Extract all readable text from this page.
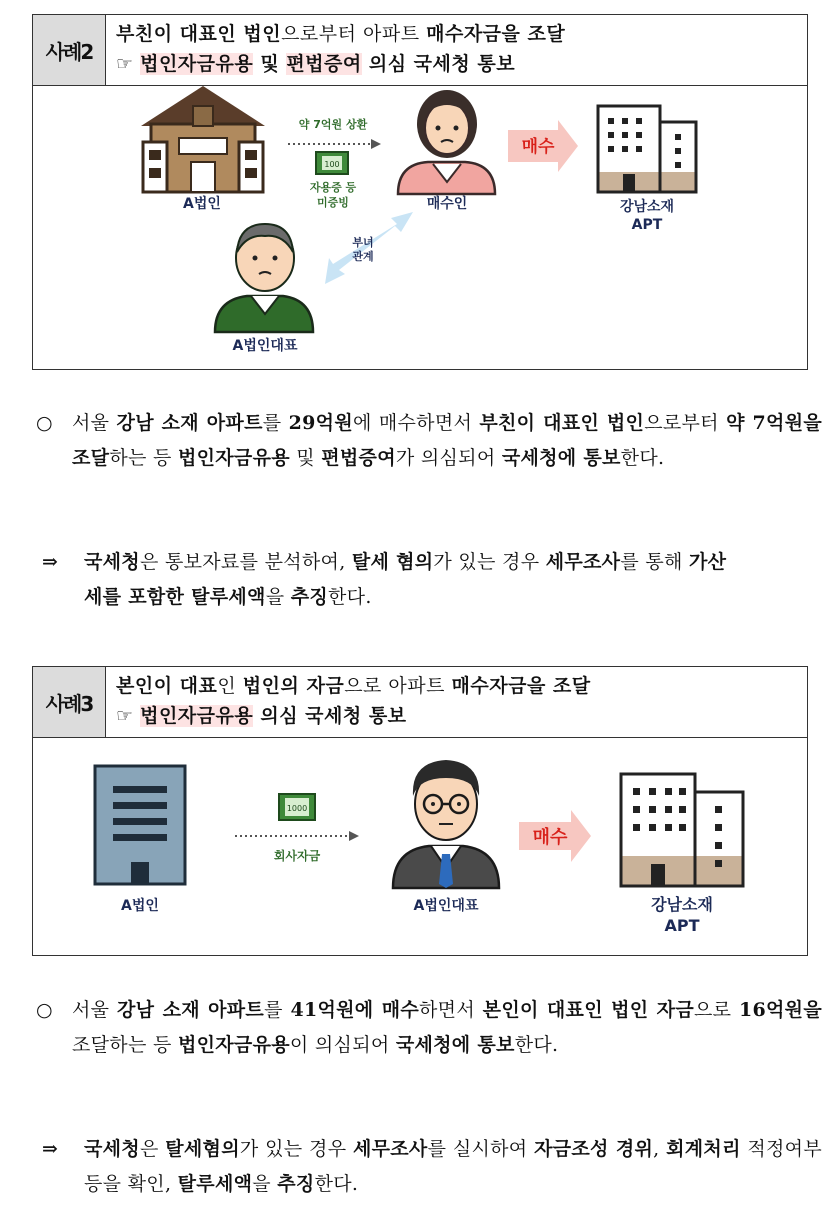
사례2
부친이 대표인 법인으로부터 아파트 매수자금을 조달
☞ 법인자금유용 및 편법증여 의심 국세청 통보
A법인
약 7억원 상환
100
자용증 등
미증빙	매수인
매수
강남소재
APT
부녀
관계
A법인대표
○	서울 강남 소재 아파트를 29억원에 매수하면서 부친이 대표인 법인으로부터 약 7억원을 조달하는 등 법인자금유용 및 편법증여가 의심되어 국세청에 통보한다.
⇒	국세청은 통보자료를 분석하여, 탈세 혐의가 있는 경우 세무조사를 통해 가산세를 포함한 탈루세액을 추징한다.
사례3
본인이 대표인 법인의 자금으로 아파트 매수자금을 조달
☞ 법인자금유용 의심 국세청 통보
A법인
1000
회사자금
A법인대표
매수
강남소재
APT
○	서울 강남 소재 아파트를 41억원에 매수하면서 본인이 대표인 법인 자금으로 16억원을 조달하는 등 법인자금유용이 의심되어 국세청에 통보한다.
⇒	국세청은 탈세혐의가 있는 경우 세무조사를 실시하여 자금조성 경위, 회계처리 적정여부 등을 확인, 탈루세액을 추징한다.
